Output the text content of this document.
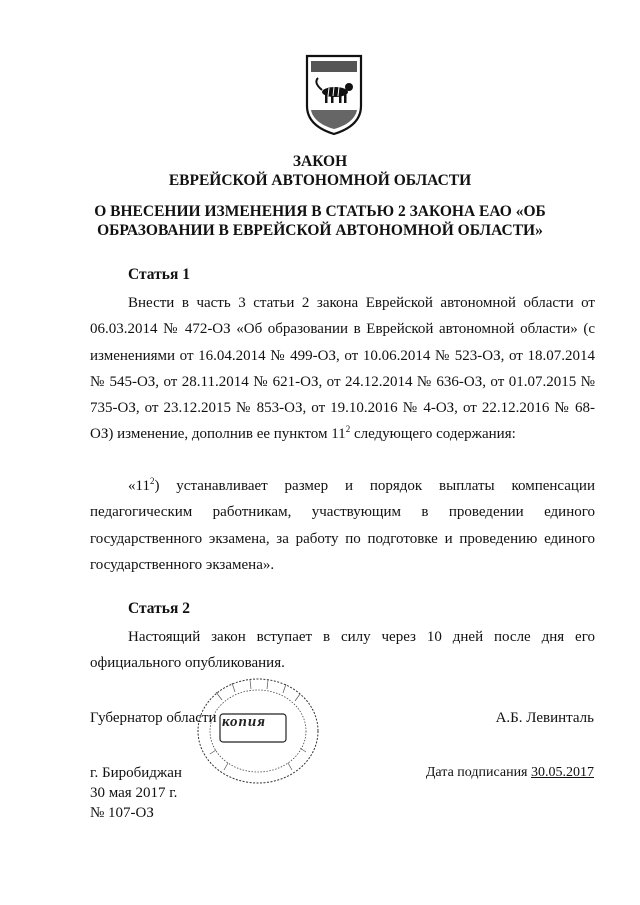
ЗАКОН
ЕВРЕЙСКОЙ АВТОНОМНОЙ ОБЛАСТИ
О ВНЕСЕНИИ ИЗМЕНЕНИЯ В СТАТЬЮ 2 ЗАКОНА ЕАО «ОБ ОБРАЗОВАНИИ В ЕВРЕЙСКОЙ АВТОНОМНОЙ ОБЛАСТИ»
Статья 1
Внести в часть 3 статьи 2 закона Еврейской автономной области от 06.03.2014 № 472-ОЗ «Об образовании в Еврейской автономной области» (с изменениями от 16.04.2014 № 499-ОЗ, от 10.06.2014 № 523-ОЗ, от 18.07.2014 № 545-ОЗ, от 28.11.2014 № 621-ОЗ, от 24.12.2014 № 636-ОЗ, от 01.07.2015 № 735-ОЗ, от 23.12.2015 № 853-ОЗ, от 19.10.2016 № 4-ОЗ, от 22.12.2016 № 68-ОЗ) изменение, дополнив ее пунктом $11^2$ следующего содержания:
«$11^2$) устанавливает размер и порядок выплаты компенсации педагогическим работникам, участвующим в проведении единого государственного экзамена, за работу по подготовке и проведению единого государственного экзамена».
Статья 2
Настоящий закон вступает в силу через 10 дней после дня его официального опубликования.
копия
Губернатор области	А.Б. Левинталь
Дата подписания 30.05.2017
г. Биробиджан
30 мая 2017 г.
№ 107-ОЗ
